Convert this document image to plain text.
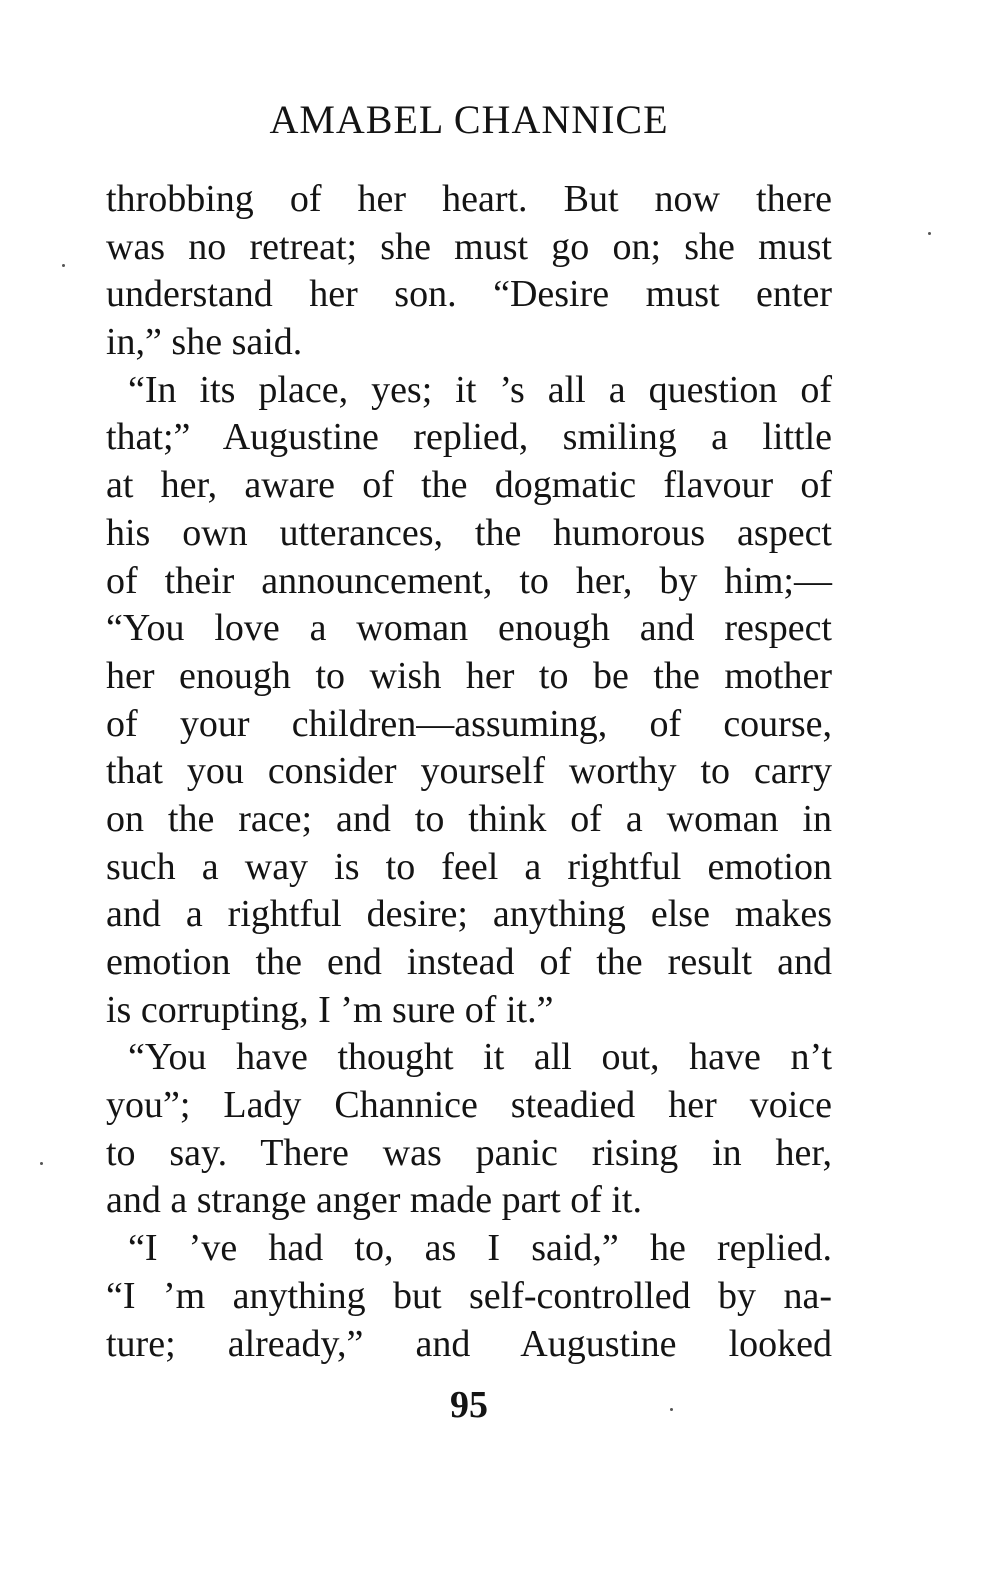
AMABEL CHANNICE
throbbing of her heart. But now there
was no retreat; she must go on; she must
understand her son. “Desire must enter
in,” she said.
“In its place, yes; it ’s all a question of
that;” Augustine replied, smiling a little
at her, aware of the dogmatic flavour of
his own utterances, the humorous aspect
of their announcement, to her, by him;—
“You love a woman enough and respect
her enough to wish her to be the mother
of your children—assuming, of course,
that you consider yourself worthy to carry
on the race; and to think of a woman in
such a way is to feel a rightful emotion
and a rightful desire; anything else makes
emotion the end instead of the result and
is corrupting, I ’m sure of it.”
“You have thought it all out, have n’t
you”; Lady Channice steadied her voice
to say. There was panic rising in her,
and a strange anger made part of it.
“I ’ve had to, as I said,” he replied.
“I ’m anything but self-controlled by na-
ture; already,” and Augustine looked
95
